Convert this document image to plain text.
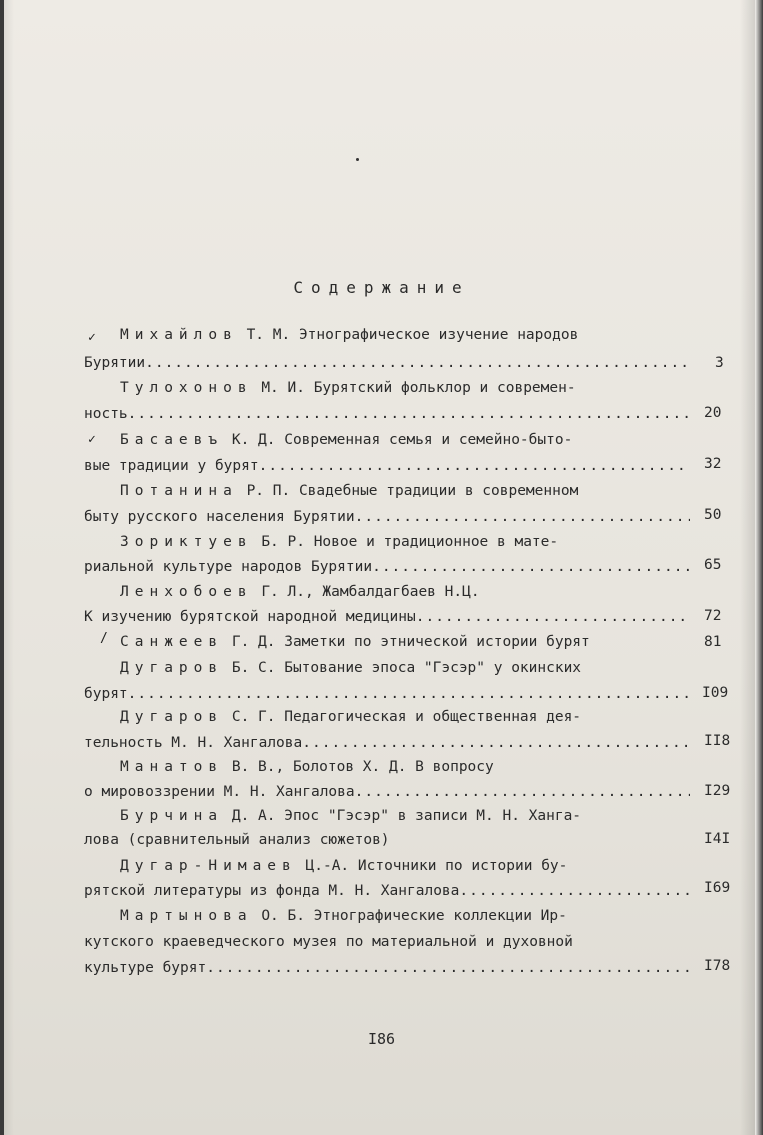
Содержание
✓ Михайлов Т. М. Этнографическое изучение народов
Бурятии .....	3
Тулохонов М. И. Бурятский фольклор и современ-
ность .....	20
✓ Басаевъ К. Д. Современная семья и семейно-быто-
вые традиции у бурят .....	32
Потанина Р. П. Свадебные традиции в современном
быту русского населения Бурятии .....	50
Зориктуев Б. Р. Новое и традиционное в мате-
риальной культуре народов Бурятии .....	65
Ленхобоев Г. Л., Жамбалдагбаев Н.Ц.
К изучению бурятской народной медицины .....	72
/ Санжеев Г. Д. Заметки по этнической истории бурят	81
Дугаров Б. С. Бытование эпоса "Гэсэр" у окинских
бурят .....	I09
Дугаров С. Г. Педагогическая и общественная дея-
тельность М. Н. Хангалова .....	II8
Манатов В. В., Болотов Х. Д. В вопросу
о мировоззрении М. Н. Хангалова .....	I29
Бурчина Д. А. Эпос "Гэсэр" в записи М. Н. Ханга-
лова (сравнительный анализ сюжетов)	I4I
Дугар-Нимаев Ц.-А. Источники по истории бу-
рятской литературы из фонда М. Н. Хангалова .....	I69
Мартынова О. Б. Этнографические коллекции Ир-
кутского краеведческого музея по материальной и духовной
культуре бурят .....	I78
I86
